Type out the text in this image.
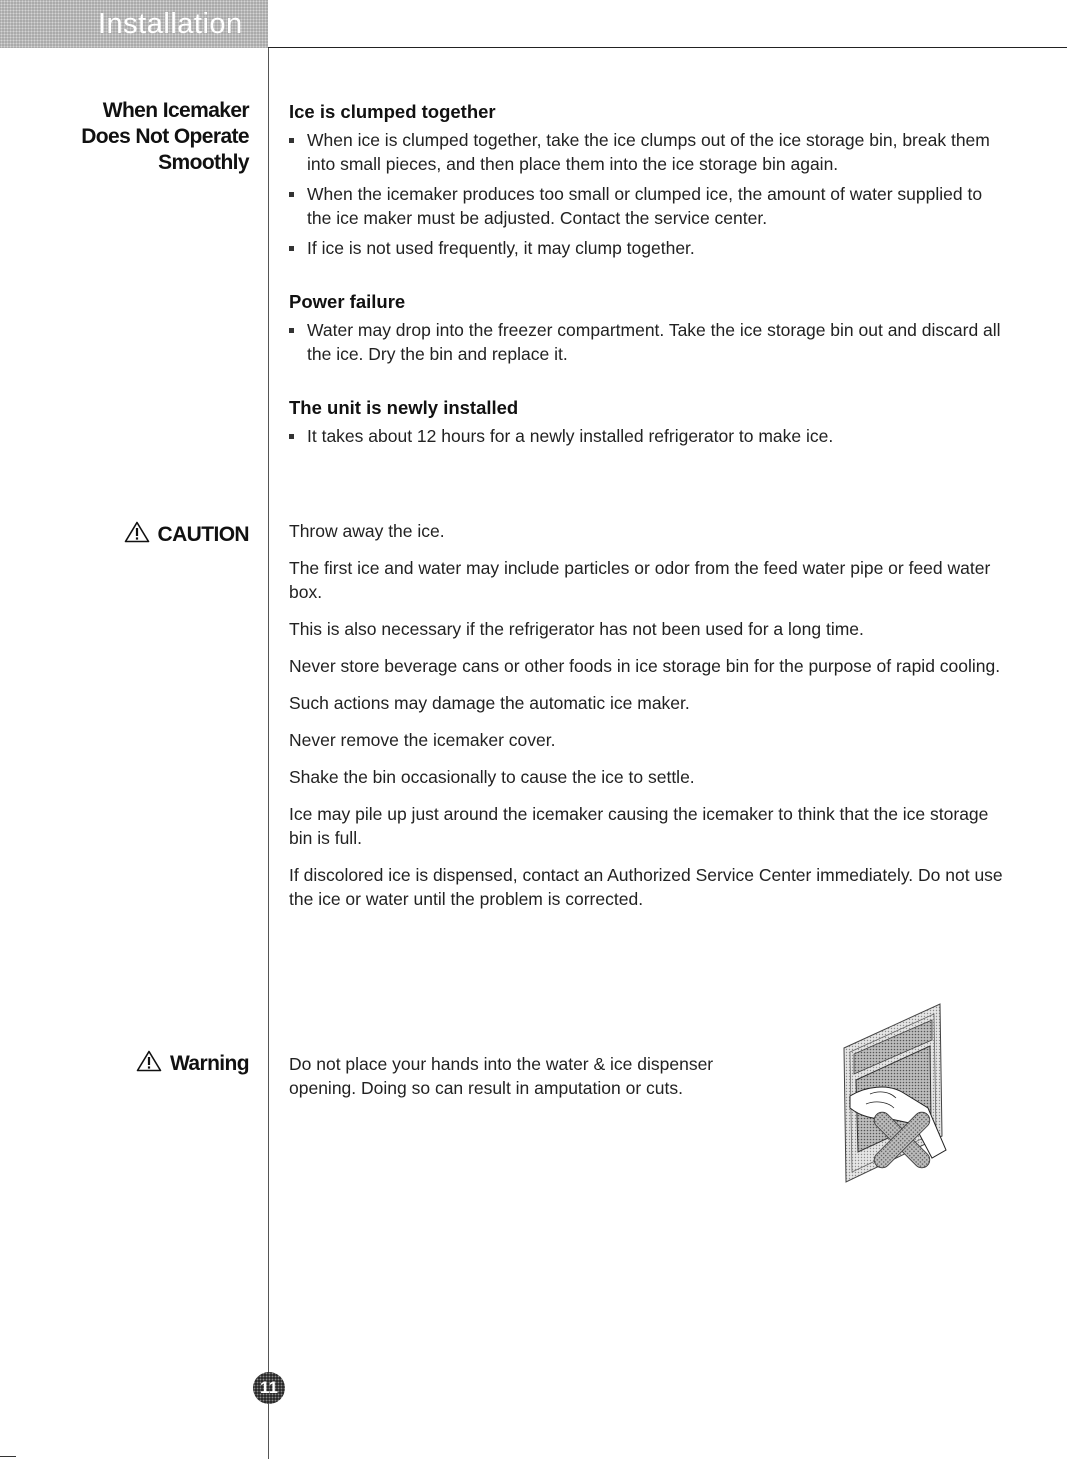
Installation
When Icemaker
Does Not Operate
Smoothly
Ice is clumped together
When ice is clumped together, take the ice clumps out of the ice storage bin, break them into small pieces, and then place them into the ice storage bin again.
When the icemaker produces too small or clumped ice, the amount of water supplied to the ice maker must be adjusted. Contact the service center.
If ice is not used frequently, it may clump together.
Power failure
Water may drop into the freezer compartment. Take the ice storage bin out and discard all the ice. Dry the bin and replace it.
The unit is newly installed
It takes about 12 hours for a newly installed refrigerator to make ice.
CAUTION Throw away the ice.
The first ice and water may include particles or odor from the feed water pipe or feed water box.
This is also necessary if the refrigerator has not been used for a long time.
Never store beverage cans or other foods in ice storage bin for the purpose of rapid cooling.
Such actions may damage the automatic ice maker.
Never remove the icemaker cover.
Shake the bin occasionally to cause the ice to settle.
Ice may pile up just around the icemaker causing the icemaker to think that the ice storage bin is full.
If discolored ice is dispensed, contact an Authorized Service Center immediately. Do not use the ice or water until the problem is corrected.
Warning Do not place your hands into the water & ice dispenser opening. Doing so can result in amputation or cuts.
11
